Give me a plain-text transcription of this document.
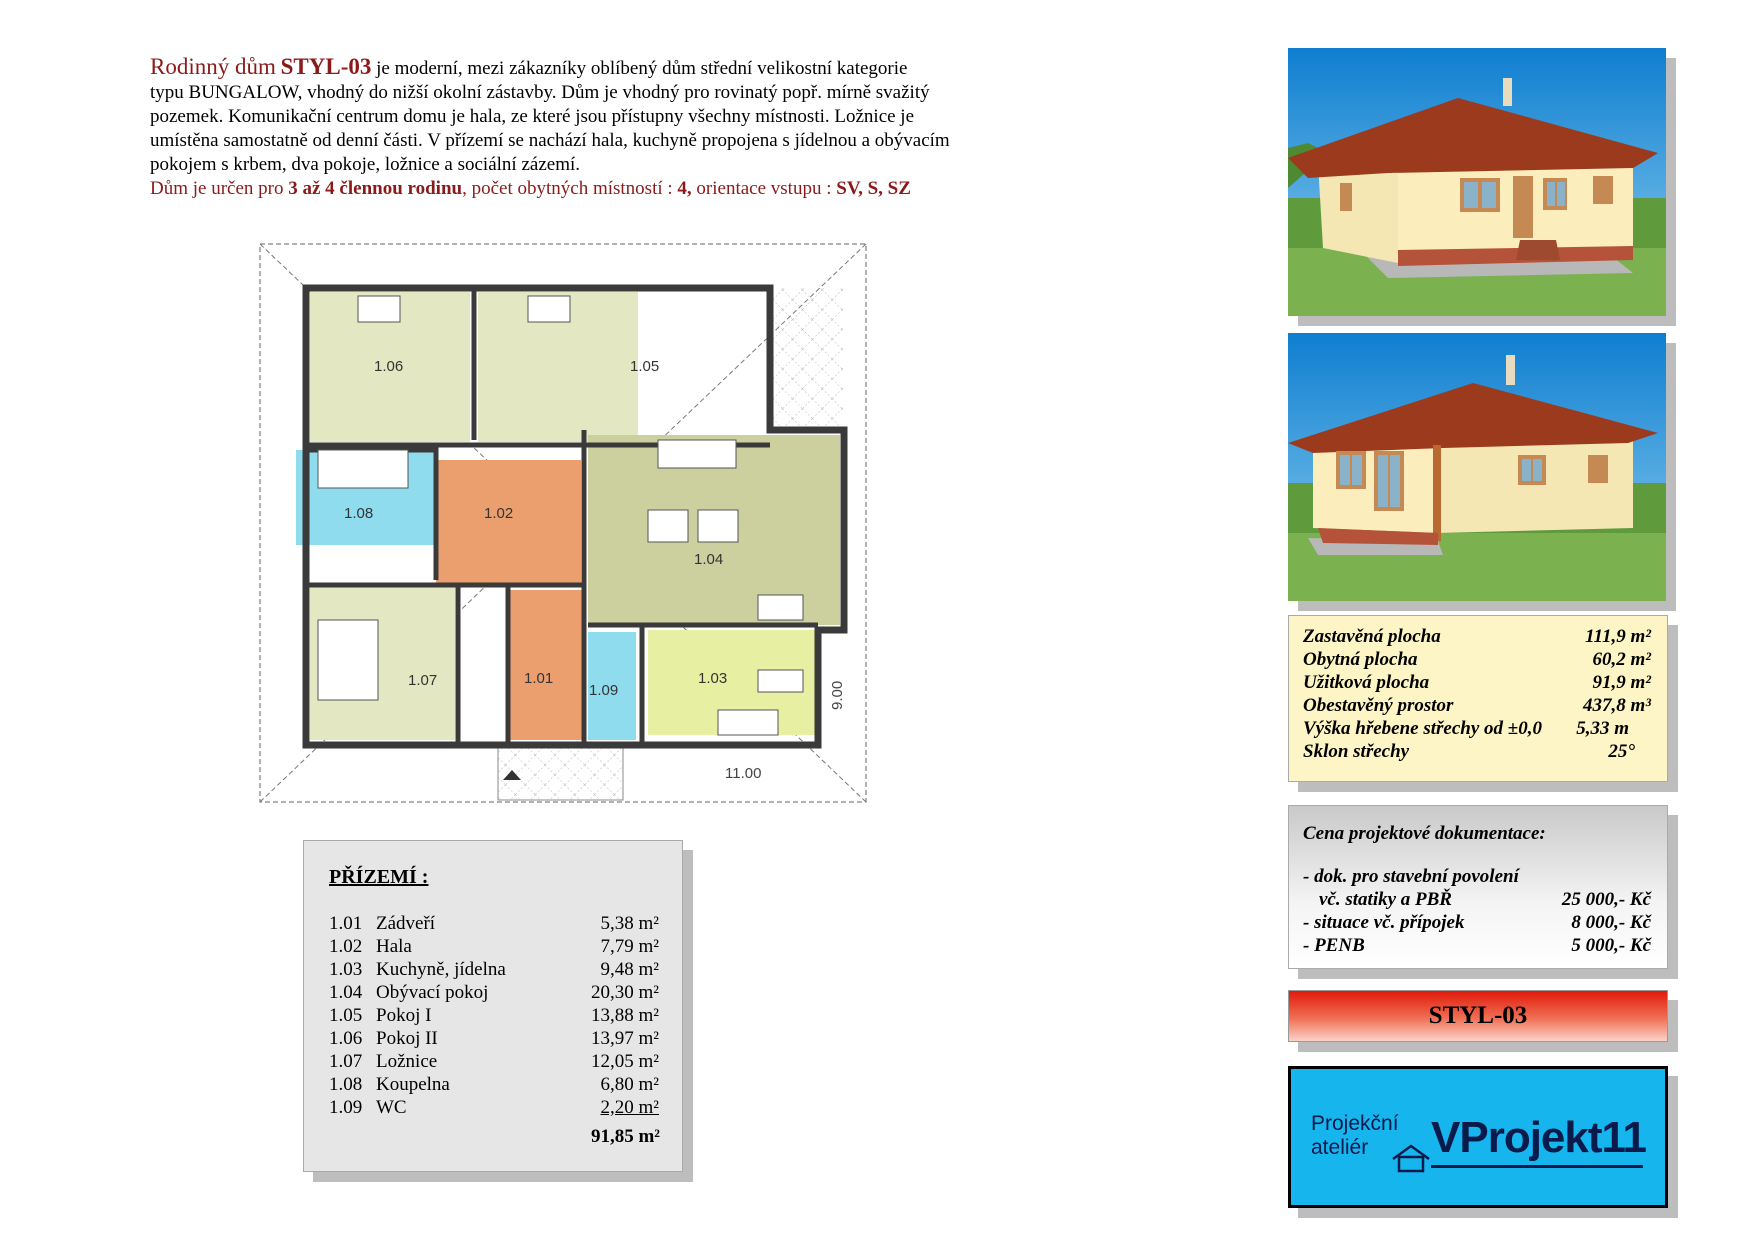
Rodinný dům STYL-03 je moderní, mezi zákazníky oblíbený dům střední velikostní kategorie
typu BUNGALOW, vhodný do nižší okolní zástavby. Dům je vhodný pro rovinatý popř. mírně svažitý
pozemek. Komunikační centrum domu je hala, ze které jsou přístupny všechny místnosti. Ložnice je
umístěna samostatně od denní části. V přízemí se nachází hala, kuchyně propojena s jídelnou a obývacím
pokojem s krbem, dva pokoje, ložnice a sociální zázemí.
Dům je určen pro 3 až 4 člennou rodinu, počet obytných místností : 4, orientace vstupu : SV, S, SZ
1.06	1.05
1.08	1.02
1.04
1.07	1.01
1.09
1.03
11.00
9.00
PŘÍZEMÍ :
1.01 Zádveří	5,38 m²
1.02 Hala	7,79 m²
1.03 Kuchyně, jídelna	9,48 m²
1.04 Obývací pokoj	20,30 m²
1.05 Pokoj I	13,88 m²
1.06 Pokoj II	13,97 m²
1.07 Ložnice	12,05 m²
1.08 Koupelna	6,80 m²
1.09 WC	2,20 m²
91,85 m²
Zastavěná plocha	111,9 m²
Obytná plocha	60,2 m²
Užitková plocha	91,9 m²
Obestavěný prostor	437,8 m³
Výška hřebene střechy od ±0,0 5,33 m
Sklon střechy	25°
Cena projektové dokumentace:
- dok. pro stavební povolení
vč. statiky a PBŘ	25 000,- Kč
- situace vč. přípojek	8 000,- Kč
- PENB	5 000,- Kč
STYL-03
Projekční
ateliér VProjekt11
